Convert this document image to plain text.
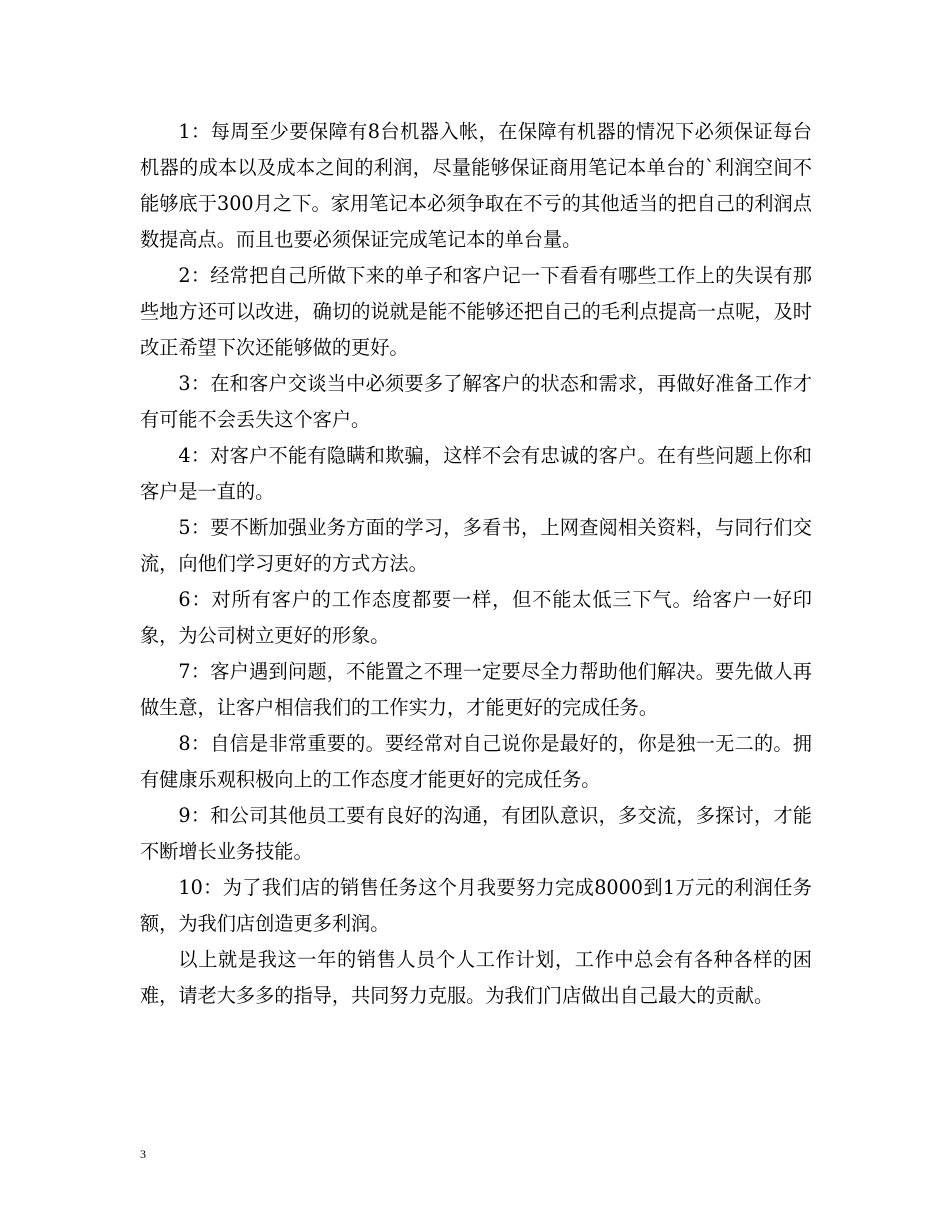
1：每周至少要保障有8台机器入帐，在保障有机器的情况下必须保证每台机器的成本以及成本之间的利润，尽量能够保证商用笔记本单台的`利润空间不能够底于300月之下。家用笔记本必须争取在不亏的其他适当的把自己的利润点数提高点。而且也要必须保证完成笔记本的单台量。

2：经常把自己所做下来的单子和客户记一下看看有哪些工作上的失误有那些地方还可以改进，确切的说就是能不能够还把自己的毛利点提高一点呢，及时改正希望下次还能够做的更好。

3：在和客户交谈当中必须要多了解客户的状态和需求，再做好准备工作才有可能不会丢失这个客户。

4：对客户不能有隐瞒和欺骗，这样不会有忠诚的客户。在有些问题上你和客户是一直的。

5：要不断加强业务方面的学习，多看书，上网查阅相关资料，与同行们交流，向他们学习更好的方式方法。

6：对所有客户的工作态度都要一样，但不能太低三下气。给客户一好印象，为公司树立更好的形象。

7：客户遇到问题，不能置之不理一定要尽全力帮助他们解决。要先做人再做生意，让客户相信我们的工作实力，才能更好的完成任务。

8：自信是非常重要的。要经常对自己说你是最好的，你是独一无二的。拥有健康乐观积极向上的工作态度才能更好的完成任务。

9：和公司其他员工要有良好的沟通，有团队意识，多交流，多探讨，才能不断增长业务技能。

10：为了我们店的销售任务这个月我要努力完成8000到1万元的利润任务额，为我们店创造更多利润。

以上就是我这一年的销售人员个人工作计划，工作中总会有各种各样的困难，请老大多多的指导，共同努力克服。为我们门店做出自己最大的贡献。

3
